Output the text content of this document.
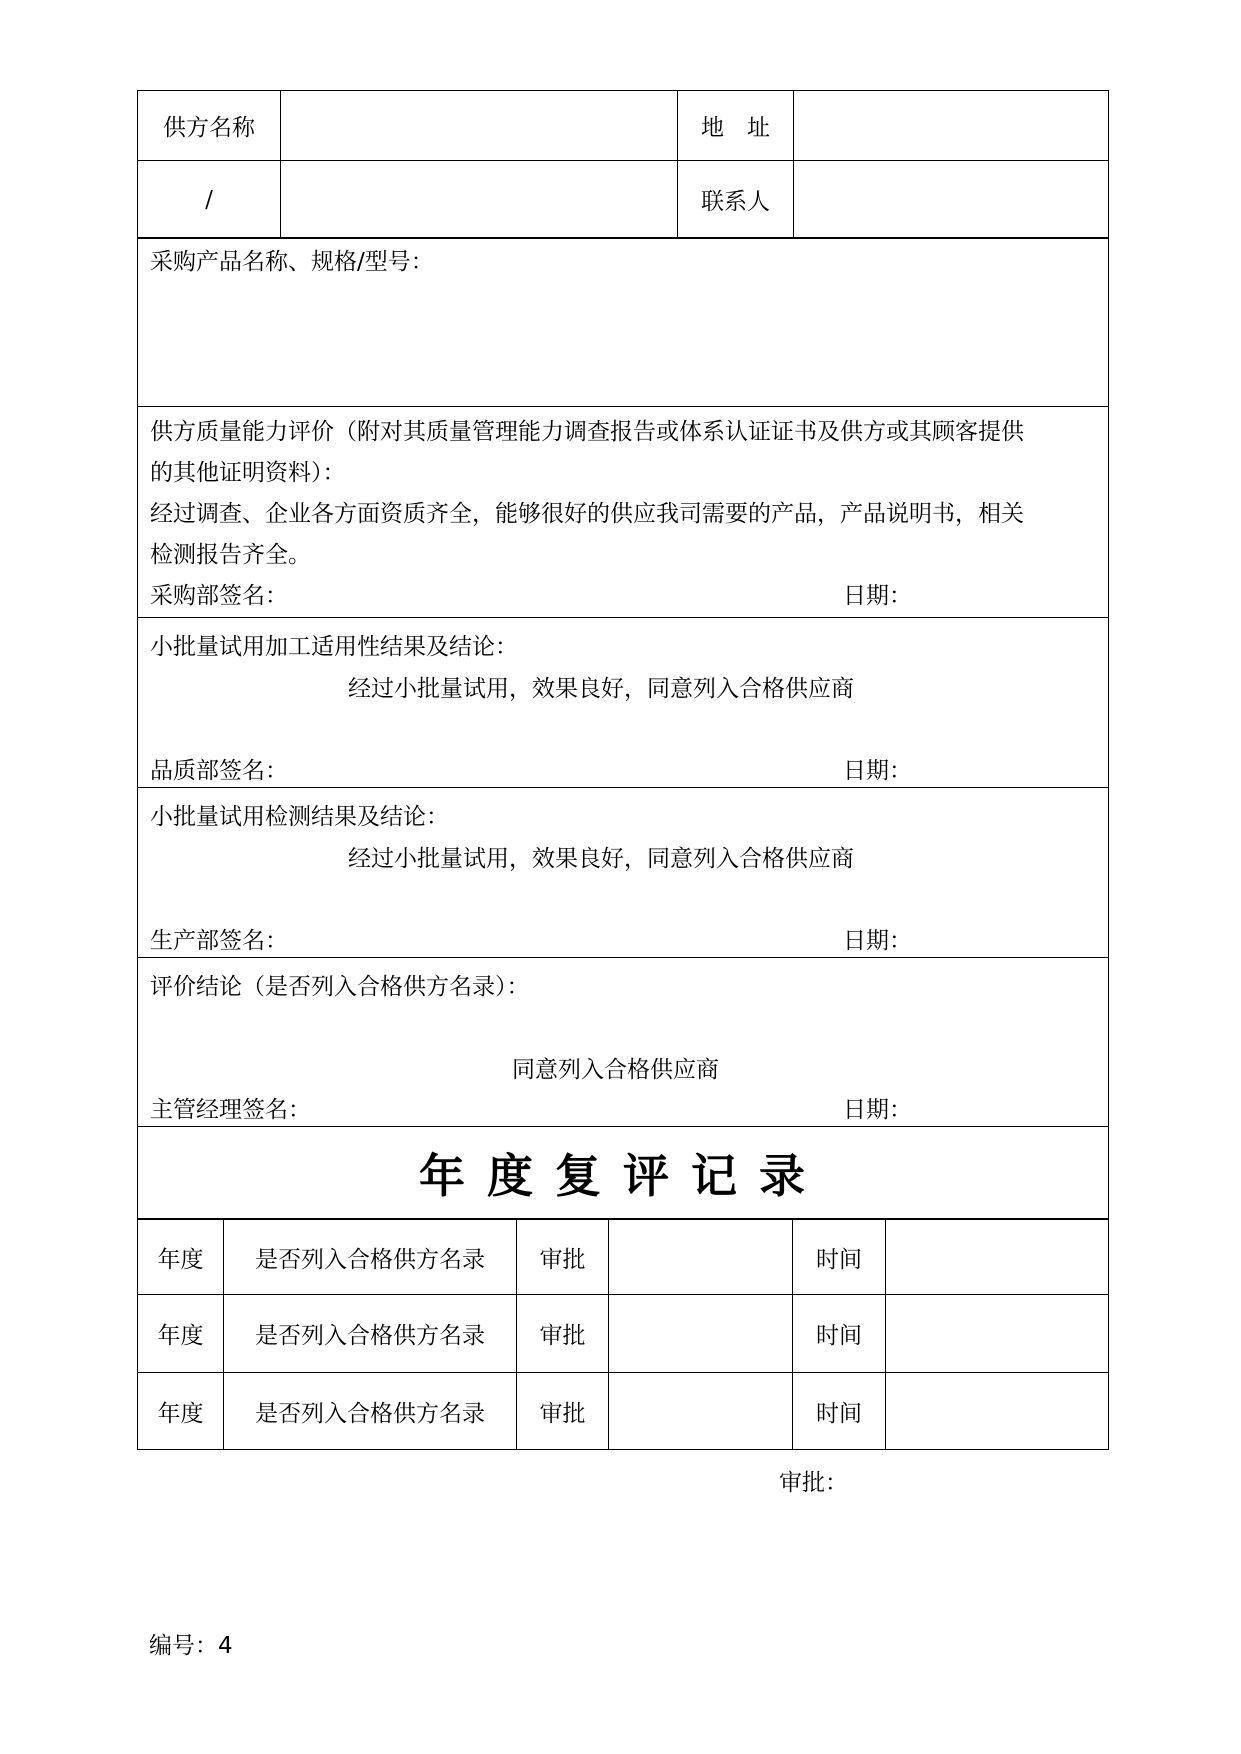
供方名称		地　址	
/		联系人	
采购产品名称、规格/型号：

供方质量能力评价（附对其质量管理能力调查报告或体系认证证书及供方或其顾客提供
的其他证明资料）：
经过调查、企业各方面资质齐全，能够很好的供应我司需要的产品，产品说明书，相关
检测报告齐全。
采购部签名：	日期：

小批量试用加工适用性结果及结论：
经过小批量试用，效果良好，同意列入合格供应商
品质部签名：	日期：

小批量试用检测结果及结论：
经过小批量试用，效果良好，同意列入合格供应商
生产部签名：	日期：

评价结论（是否列入合格供方名录）：
同意列入合格供应商
主管经理签名：	日期：

年度复评记录
年度	是否列入合格供方名录	审批		时间	
年度	是否列入合格供方名录	审批		时间	
年度	是否列入合格供方名录	审批		时间	
审批：
编号：4
